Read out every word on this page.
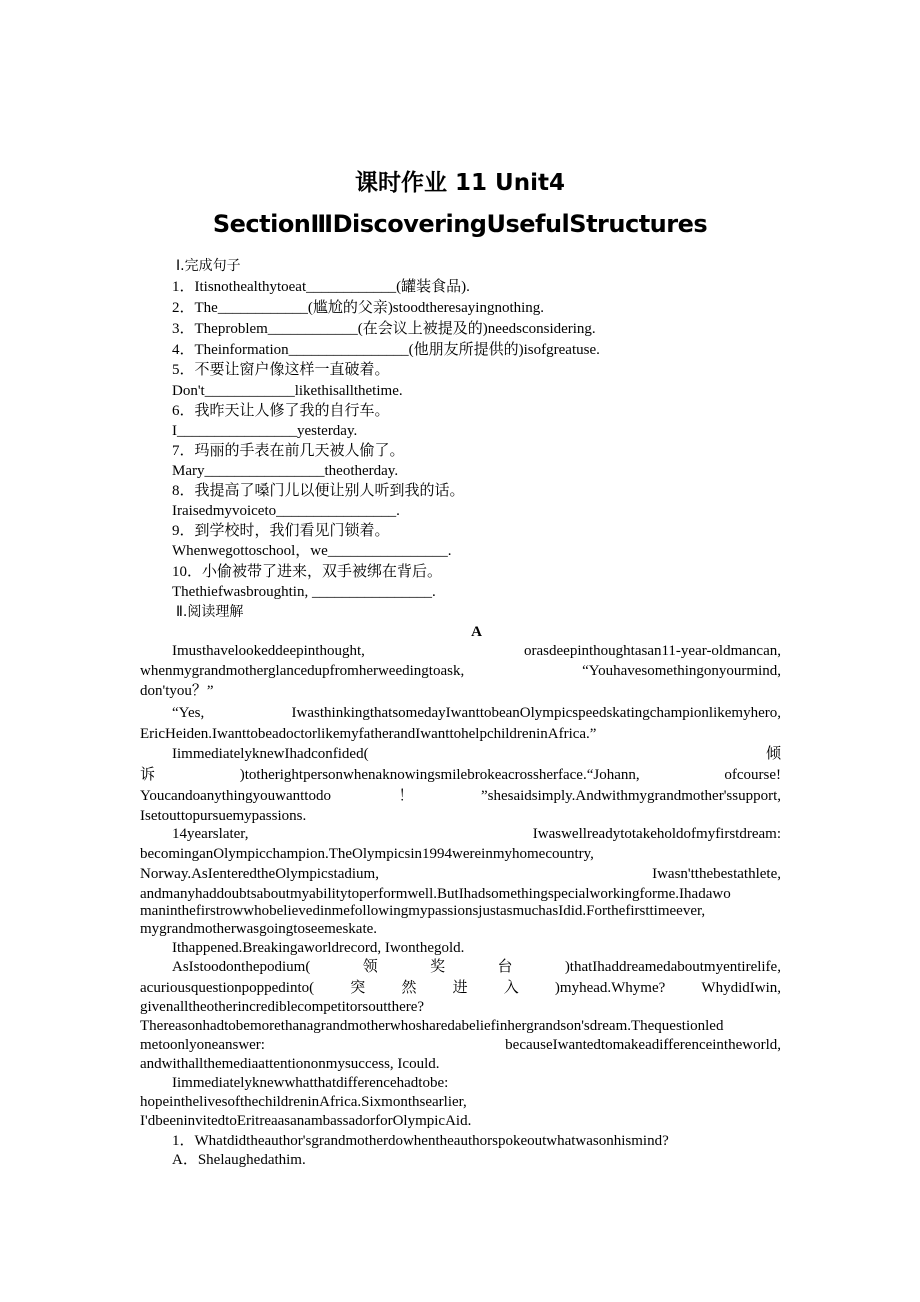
课时作业 11 Unit4
SectionⅢDiscoveringUsefulStructures
Ⅰ.完成句子
1．Itisnothealthytoeat____________(罐装食品).
2．The____________(尴尬的父亲)stoodtheresayingnothing.
3．Theproblem____________(在会议上被提及的)needsconsidering.
4．Theinformation________________(他朋友所提供的)isofgreatuse.
5．不要让窗户像这样一直破着。
Don't____________likethisallthetime.
6．我昨天让人修了我的自行车。
I________________yesterday.
7．玛丽的手表在前几天被人偷了。
Mary________________theotherday.
8．我提高了嗓门儿以便让别人听到我的话。
Iraisedmyvoiceto________________.
9．到学校时，我们看见门锁着。
Whenwegottoschool，we________________.
10．小偷被带了进来，双手被绑在背后。
Thethiefwasbroughtin, ________________.
Ⅱ.阅读理解
A
Imusthavelookeddeepinthought,	orasdeepinthoughtasan11-year-oldmancan,
whenmygrandmotherglancedupfromherweedingtoask,	“Youhavesomethingonyourmind,
don'tyou？”
“Yes,	IwasthinkingthatsomedayIwanttobeanOlympicspeedskatingchampionlikemyhero,
EricHeiden.IwanttobeadoctorlikemyfatherandIwanttohelpchildreninAfrica.”
IimmediatelyknewIhadconfided(	倾
诉	)totherightpersonwhenaknowingsmilebrokeacrossherface.“Johann,	ofcourse!
Youcandoanythingyouwanttodo	！	”shesaidsimply.Andwithmygrandmother'ssupport,
Isetouttopursuemypassions.
14yearslater,	Iwaswellreadytotakeholdofmyfirstdream:
becominganOlympicchampion.TheOlympicsin1994wereinmyhomecountry,
Norway.AsIenteredtheOlympicstadium,	Iwasn'tthebestathlete,
andmanyhaddoubtsaboutmyabilitytoperformwell.ButIhadsomethingspecialworkingforme.Ihadawo
maninthefirstrowwhobelievedinmefollowingmypassionsjustasmuchasIdid.Forthefirsttimeever,
mygrandmotherwasgoingtoseemeskate.
Ithappened.Breakingaworldrecord, Iwonthegold.
AsIstoodonthepodium(	领	奖	台	)thatIhaddreamedaboutmyentirelife,
acuriousquestionpoppedinto( 突 然 进 入 )myhead.Whyme? WhydidIwin,
givenalltheotherincrediblecompetitorsoutthere?
Thereasonhadtobemorethanagrandmotherwhosharedabeliefinhergrandson'sdream.Thequestionled
metoonlyoneanswer:	becauseIwantedtomakeadifferenceintheworld,
andwithallthemediaattentiononmysuccess, Icould.
Iimmediatelyknewwhatthatdifferencehadtobe:
hopeinthelivesofthechildreninAfrica.Sixmonthsearlier,
I'dbeeninvitedtoEritreaasanambassadorforOlympicAid.
1．Whatdidtheauthor'sgrandmotherdowhentheauthorspokeoutwhatwasonhismind?
A．Shelaughedathim.
